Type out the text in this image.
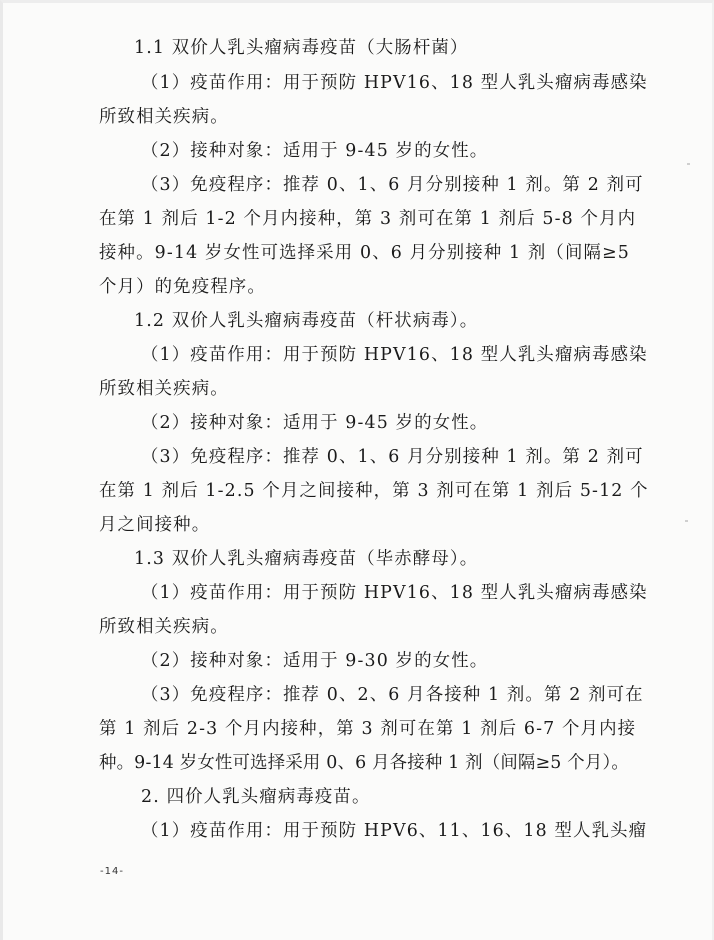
1.1 双价人乳头瘤病毒疫苗（大肠杆菌）
（1）疫苗作用：用于预防 HPV16、18 型人乳头瘤病毒感染
所致相关疾病。
（2）接种对象：适用于 9-45 岁的女性。
（3）免疫程序：推荐 0、1、6 月分别接种 1 剂。第 2 剂可
在第 1 剂后 1-2 个月内接种，第 3 剂可在第 1 剂后 5-8 个月内
接种。9-14 岁女性可选择采用 0、6 月分别接种 1 剂（间隔≥5
个月）的免疫程序。
1.2 双价人乳头瘤病毒疫苗（杆状病毒）。
（1）疫苗作用：用于预防 HPV16、18 型人乳头瘤病毒感染
所致相关疾病。
（2）接种对象：适用于 9-45 岁的女性。
（3）免疫程序：推荐 0、1、6 月分别接种 1 剂。第 2 剂可
在第 1 剂后 1-2.5 个月之间接种，第 3 剂可在第 1 剂后 5-12 个
月之间接种。
1.3 双价人乳头瘤病毒疫苗（毕赤酵母）。
（1）疫苗作用：用于预防 HPV16、18 型人乳头瘤病毒感染
所致相关疾病。
（2）接种对象：适用于 9-30 岁的女性。
（3）免疫程序：推荐 0、2、6 月各接种 1 剂。第 2 剂可在
第 1 剂后 2-3 个月内接种，第 3 剂可在第 1 剂后 6-7 个月内接
种。9-14 岁女性可选择采用 0、6 月各接种 1 剂（间隔≥5 个月）。
2. 四价人乳头瘤病毒疫苗。
（1）疫苗作用：用于预防 HPV6、11、16、18 型人乳头瘤
-14-
